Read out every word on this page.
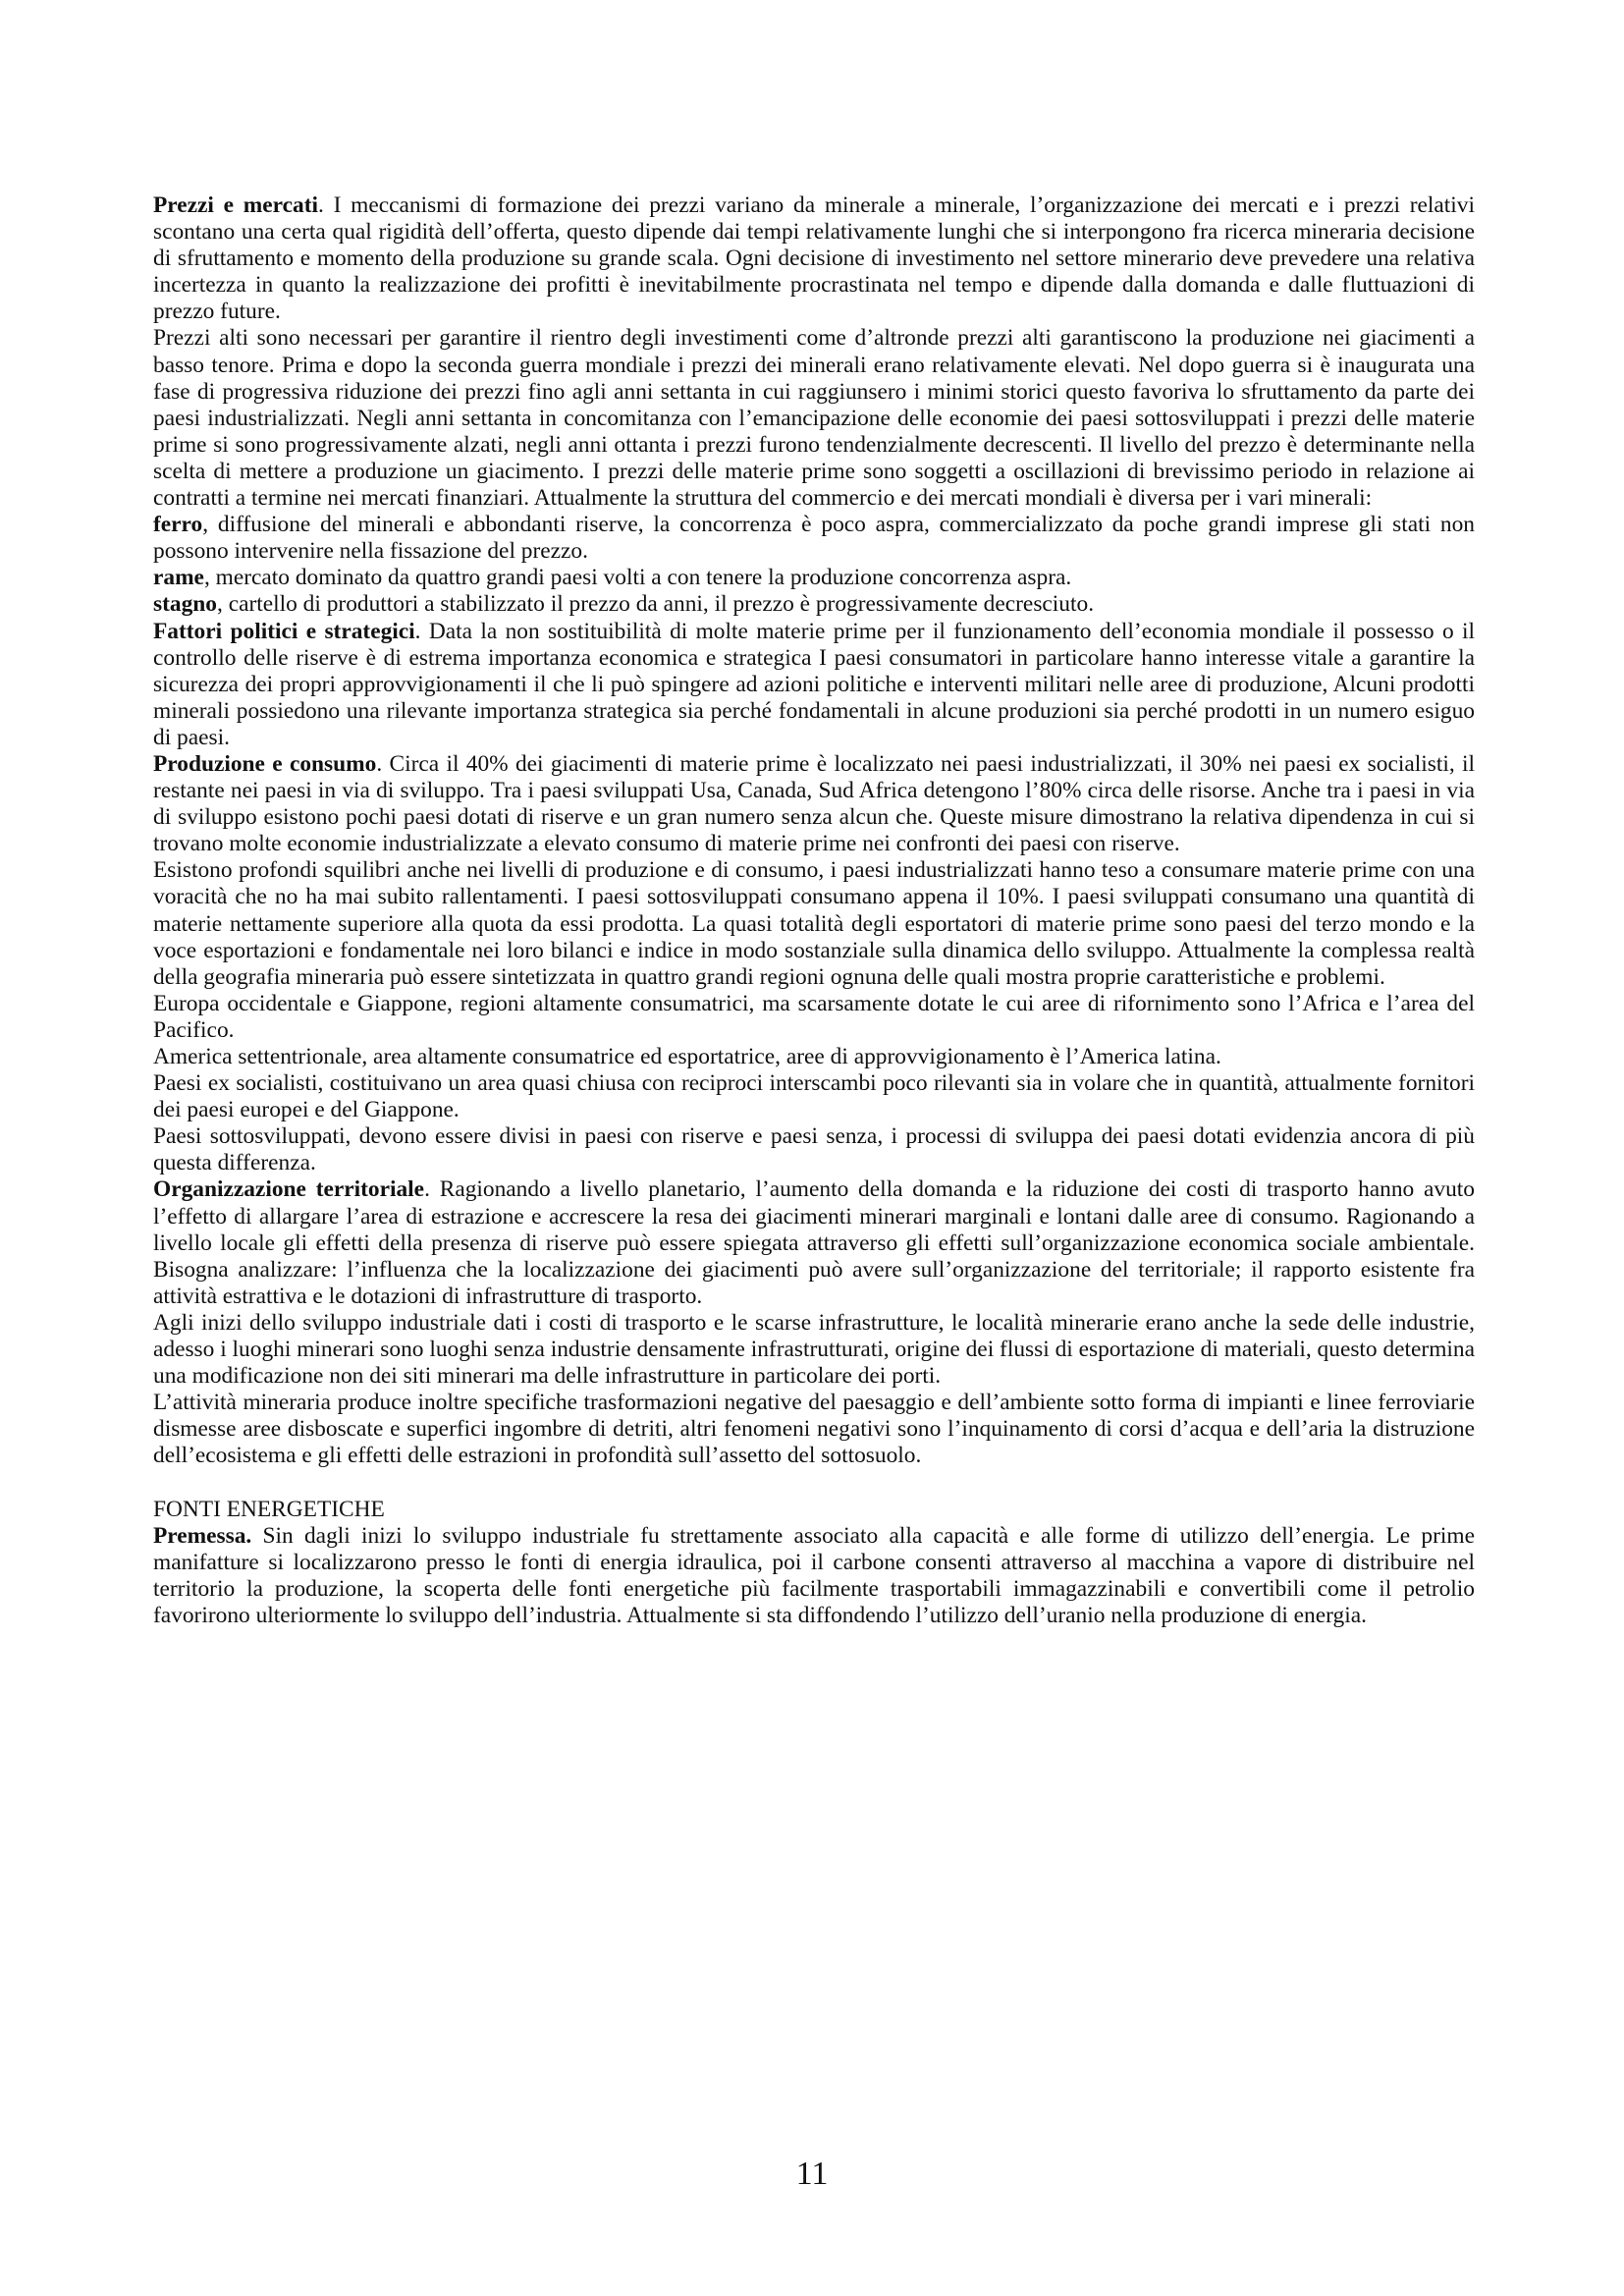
Prezzi e mercati. I meccanismi di formazione dei prezzi variano da minerale a minerale, l’organizzazione dei mercati e i prezzi relativi scontano una certa qual rigidità dell’offerta, questo dipende dai tempi relativamente lunghi che si interpongono fra ricerca mineraria decisione di sfruttamento e momento della produzione su grande scala. Ogni decisione di investimento nel settore minerario deve prevedere una relativa incertezza in quanto la realizzazione dei profitti è inevitabilmente procrastinata nel tempo e dipende dalla domanda e dalle fluttuazioni di prezzo future.

Prezzi alti sono necessari per garantire il rientro degli investimenti come d’altronde prezzi alti garantiscono la produzione nei giacimenti a basso tenore. Prima e dopo la seconda guerra mondiale i prezzi dei minerali erano relativamente elevati. Nel dopo guerra si è inaugurata una fase di progressiva riduzione dei prezzi fino agli anni settanta in cui raggiunsero i minimi storici questo favoriva lo sfruttamento da parte dei paesi industrializzati. Negli anni settanta in concomitanza con l’emancipazione delle economie dei paesi sottosviluppati i prezzi delle materie prime si sono progressivamente alzati, negli anni ottanta i prezzi furono tendenzialmente decrescenti. Il livello del prezzo è determinante nella scelta di mettere a produzione un giacimento. I prezzi delle materie prime sono soggetti a oscillazioni di brevissimo periodo in relazione ai contratti a termine nei mercati finanziari. Attualmente la struttura del commercio e dei mercati mondiali è diversa per i vari minerali:

ferro, diffusione del minerali e abbondanti riserve, la concorrenza è poco aspra, commercializzato da poche grandi imprese gli stati non possono intervenire nella fissazione del prezzo.

rame, mercato dominato da quattro grandi paesi volti a con tenere la produzione concorrenza aspra.

stagno, cartello di produttori a stabilizzato il prezzo da anni, il prezzo è progressivamente decresciuto.

Fattori politici e strategici. Data la non sostituibilità di molte materie prime per il funzionamento dell’economia mondiale il possesso o il controllo delle riserve è di estrema importanza economica e strategica I paesi consumatori in particolare hanno interesse vitale a garantire la sicurezza dei propri approvvigionamenti il che li può spingere ad azioni politiche e interventi militari nelle aree di produzione, Alcuni prodotti minerali possiedono una rilevante importanza strategica sia perché fondamentali in alcune produzioni sia perché prodotti in un numero esiguo di paesi.

Produzione e consumo. Circa il 40% dei giacimenti di materie prime è localizzato nei paesi industrializzati, il 30% nei paesi ex socialisti, il restante nei paesi in via di sviluppo. Tra i paesi sviluppati Usa, Canada, Sud Africa detengono l’80% circa delle risorse. Anche tra i paesi in via di sviluppo esistono pochi paesi dotati di riserve e un gran numero senza alcun che. Queste misure dimostrano la relativa dipendenza in cui si trovano molte economie industrializzate a elevato consumo di materie prime nei confronti dei paesi con riserve.

Esistono profondi squilibri anche nei livelli di produzione e di consumo, i paesi industrializzati hanno teso a consumare materie prime con una voracità che no ha mai subito rallentamenti. I paesi sottosviluppati consumano appena il 10%. I paesi sviluppati consumano una quantità di materie nettamente superiore alla quota da essi prodotta. La quasi totalità degli esportatori di materie prime sono paesi del terzo mondo e la voce esportazioni e fondamentale nei loro bilanci e indice in modo sostanziale sulla dinamica dello sviluppo. Attualmente la complessa realtà della geografia mineraria può essere sintetizzata in quattro grandi regioni ognuna delle quali mostra proprie caratteristiche e problemi.

Europa occidentale e Giappone, regioni altamente consumatrici, ma scarsamente dotate le cui aree di rifornimento sono l’Africa e l’area del Pacifico.

America settentrionale, area altamente consumatrice ed esportatrice, aree di approvvigionamento è l’America latina.

Paesi ex socialisti, costituivano un area quasi chiusa con reciproci interscambi poco rilevanti sia in volare che in quantità, attualmente fornitori dei paesi europei e del Giappone.

Paesi sottosviluppati, devono essere divisi in paesi con riserve e paesi senza, i processi di sviluppa dei paesi dotati evidenzia ancora di più questa differenza.

Organizzazione territoriale. Ragionando a livello planetario, l’aumento della domanda e la riduzione dei costi di trasporto hanno avuto l’effetto di allargare l’area di estrazione e accrescere la resa dei giacimenti minerari marginali e lontani dalle aree di consumo. Ragionando a livello locale gli effetti della presenza di riserve può essere spiegata attraverso gli effetti sull’organizzazione economica sociale ambientale. Bisogna analizzare: l’influenza che la localizzazione dei giacimenti può avere sull’organizzazione del territoriale; il rapporto esistente fra attività estrattiva e le dotazioni di infrastrutture di trasporto.

Agli inizi dello sviluppo industriale dati i costi di trasporto e le scarse infrastrutture, le località minerarie erano anche la sede delle industrie, adesso i luoghi minerari sono luoghi senza industrie densamente infrastrutturati, origine dei flussi di esportazione di materiali, questo determina una modificazione non dei siti minerari ma delle infrastrutture in particolare dei porti.

L’attività mineraria produce inoltre specifiche trasformazioni negative del paesaggio e dell’ambiente sotto forma di impianti e linee ferroviarie dismesse aree disboscate e superfici ingombre di detriti, altri fenomeni negativi sono l’inquinamento di corsi d’acqua e dell’aria la distruzione dell’ecosistema e gli effetti delle estrazioni in profondità sull’assetto del sottosuolo.

FONTI ENERGETICHE

Premessa. Sin dagli inizi lo sviluppo industriale fu strettamente associato alla capacità e alle forme di utilizzo dell’energia. Le prime manifatture si localizzarono presso le fonti di energia idraulica, poi il carbone consenti attraverso al macchina a vapore di distribuire nel territorio la produzione, la scoperta delle fonti energetiche più facilmente trasportabili immagazzinabili e convertibili come il petrolio favorirono ulteriormente lo sviluppo dell’industria. Attualmente si sta diffondendo l’utilizzo dell’uranio nella produzione di energia.

11
